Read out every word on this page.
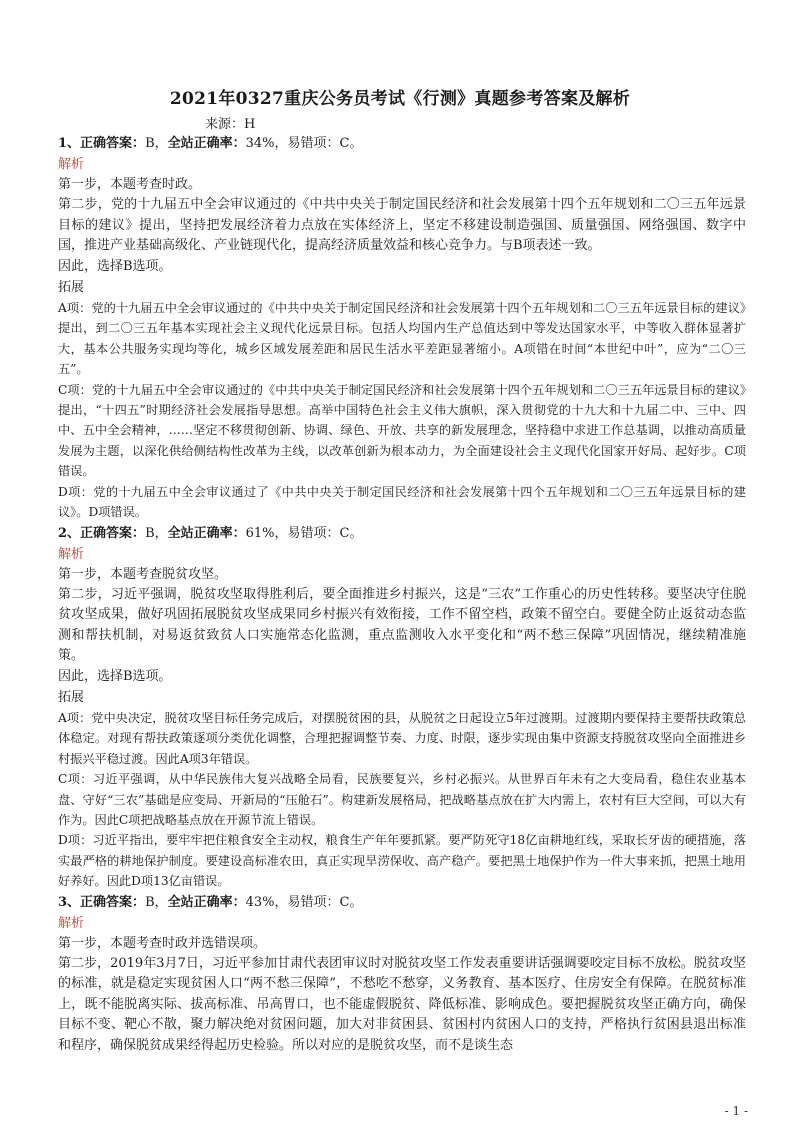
2021年0327重庆公务员考试《行测》真题参考答案及解析
来源：H

1、正确答案：B，全站正确率：34%，易错项：C。

解析

第一步，本题考查时政。

第二步，党的十九届五中全会审议通过的《中共中央关于制定国民经济和社会发展第十四个五年规划和二〇三五年远景目标的建议》提出，坚持把发展经济着力点放在实体经济上，坚定不移建设制造强国、质量强国、网络强国、数字中国，推进产业基础高级化、产业链现代化，提高经济质量效益和核心竞争力。与B项表述一致。

因此，选择B选项。

拓展

A项：党的十九届五中全会审议通过的《中共中央关于制定国民经济和社会发展第十四个五年规划和二〇三五年远景目标的建议》提出，到二〇三五年基本实现社会主义现代化远景目标。包括人均国内生产总值达到中等发达国家水平，中等收入群体显著扩大，基本公共服务实现均等化，城乡区域发展差距和居民生活水平差距显著缩小。A项错在时间“本世纪中叶”，应为“二〇三五”。

C项：党的十九届五中全会审议通过的《中共中央关于制定国民经济和社会发展第十四个五年规划和二〇三五年远景目标的建议》提出，“十四五”时期经济社会发展指导思想。高举中国特色社会主义伟大旗帜，深入贯彻党的十九大和十九届二中、三中、四中、五中全会精神，……坚定不移贯彻创新、协调、绿色、开放、共享的新发展理念，坚持稳中求进工作总基调，以推动高质量发展为主题，以深化供给侧结构性改革为主线，以改革创新为根本动力，为全面建设社会主义现代化国家开好局、起好步。C项错误。

D项：党的十九届五中全会审议通过了《中共中央关于制定国民经济和社会发展第十四个五年规划和二〇三五年远景目标的建议》。D项错误。

2、正确答案：B，全站正确率：61%，易错项：C。

解析

第一步，本题考查脱贫攻坚。

第二步，习近平强调，脱贫攻坚取得胜利后，要全面推进乡村振兴，这是“三农”工作重心的历史性转移。要坚决守住脱贫攻坚成果，做好巩固拓展脱贫攻坚成果同乡村振兴有效衔接，工作不留空档，政策不留空白。要健全防止返贫动态监测和帮扶机制，对易返贫致贫人口实施常态化监测，重点监测收入水平变化和“两不愁三保障”巩固情况，继续精准施策。

因此，选择B选项。

拓展

A项：党中央决定，脱贫攻坚目标任务完成后，对摆脱贫困的县，从脱贫之日起设立5年过渡期。过渡期内要保持主要帮扶政策总体稳定。对现有帮扶政策逐项分类优化调整，合理把握调整节奏、力度、时限，逐步实现由集中资源支持脱贫攻坚向全面推进乡村振兴平稳过渡。因此A项3年错误。

C项：习近平强调，从中华民族伟大复兴战略全局看，民族要复兴，乡村必振兴。从世界百年未有之大变局看，稳住农业基本盘、守好“三农”基础是应变局、开新局的“压舱石”。构建新发展格局，把战略基点放在扩大内需上，农村有巨大空间，可以大有作为。因此C项把战略基点放在开源节流上错误。

D项：习近平指出，要牢牢把住粮食安全主动权，粮食生产年年要抓紧。要严防死守18亿亩耕地红线，采取长牙齿的硬措施，落实最严格的耕地保护制度。要建设高标准农田，真正实现旱涝保收、高产稳产。要把黑土地保护作为一件大事来抓，把黑土地用好养好。因此D项13亿亩错误。

3、正确答案：B，全站正确率：43%，易错项：C。

解析

第一步，本题考查时政并选错误项。

第二步，2019年3月7日，习近平参加甘肃代表团审议时对脱贫攻坚工作发表重要讲话强调要咬定目标不放松。脱贫攻坚的标准，就是稳定实现贫困人口“两不愁三保障”，不愁吃不愁穿，义务教育、基本医疗、住房安全有保障。在脱贫标准上，既不能脱离实际、拔高标准、吊高胃口，也不能虚假脱贫、降低标准、影响成色。要把握脱贫攻坚正确方向，确保目标不变、靶心不散，聚力解决绝对贫困问题，加大对非贫困县、贫困村内贫困人口的支持，严格执行贫困县退出标准和程序，确保脱贫成果经得起历史检验。所以对应的是脱贫攻坚，而不是谈生态

- 1 -
